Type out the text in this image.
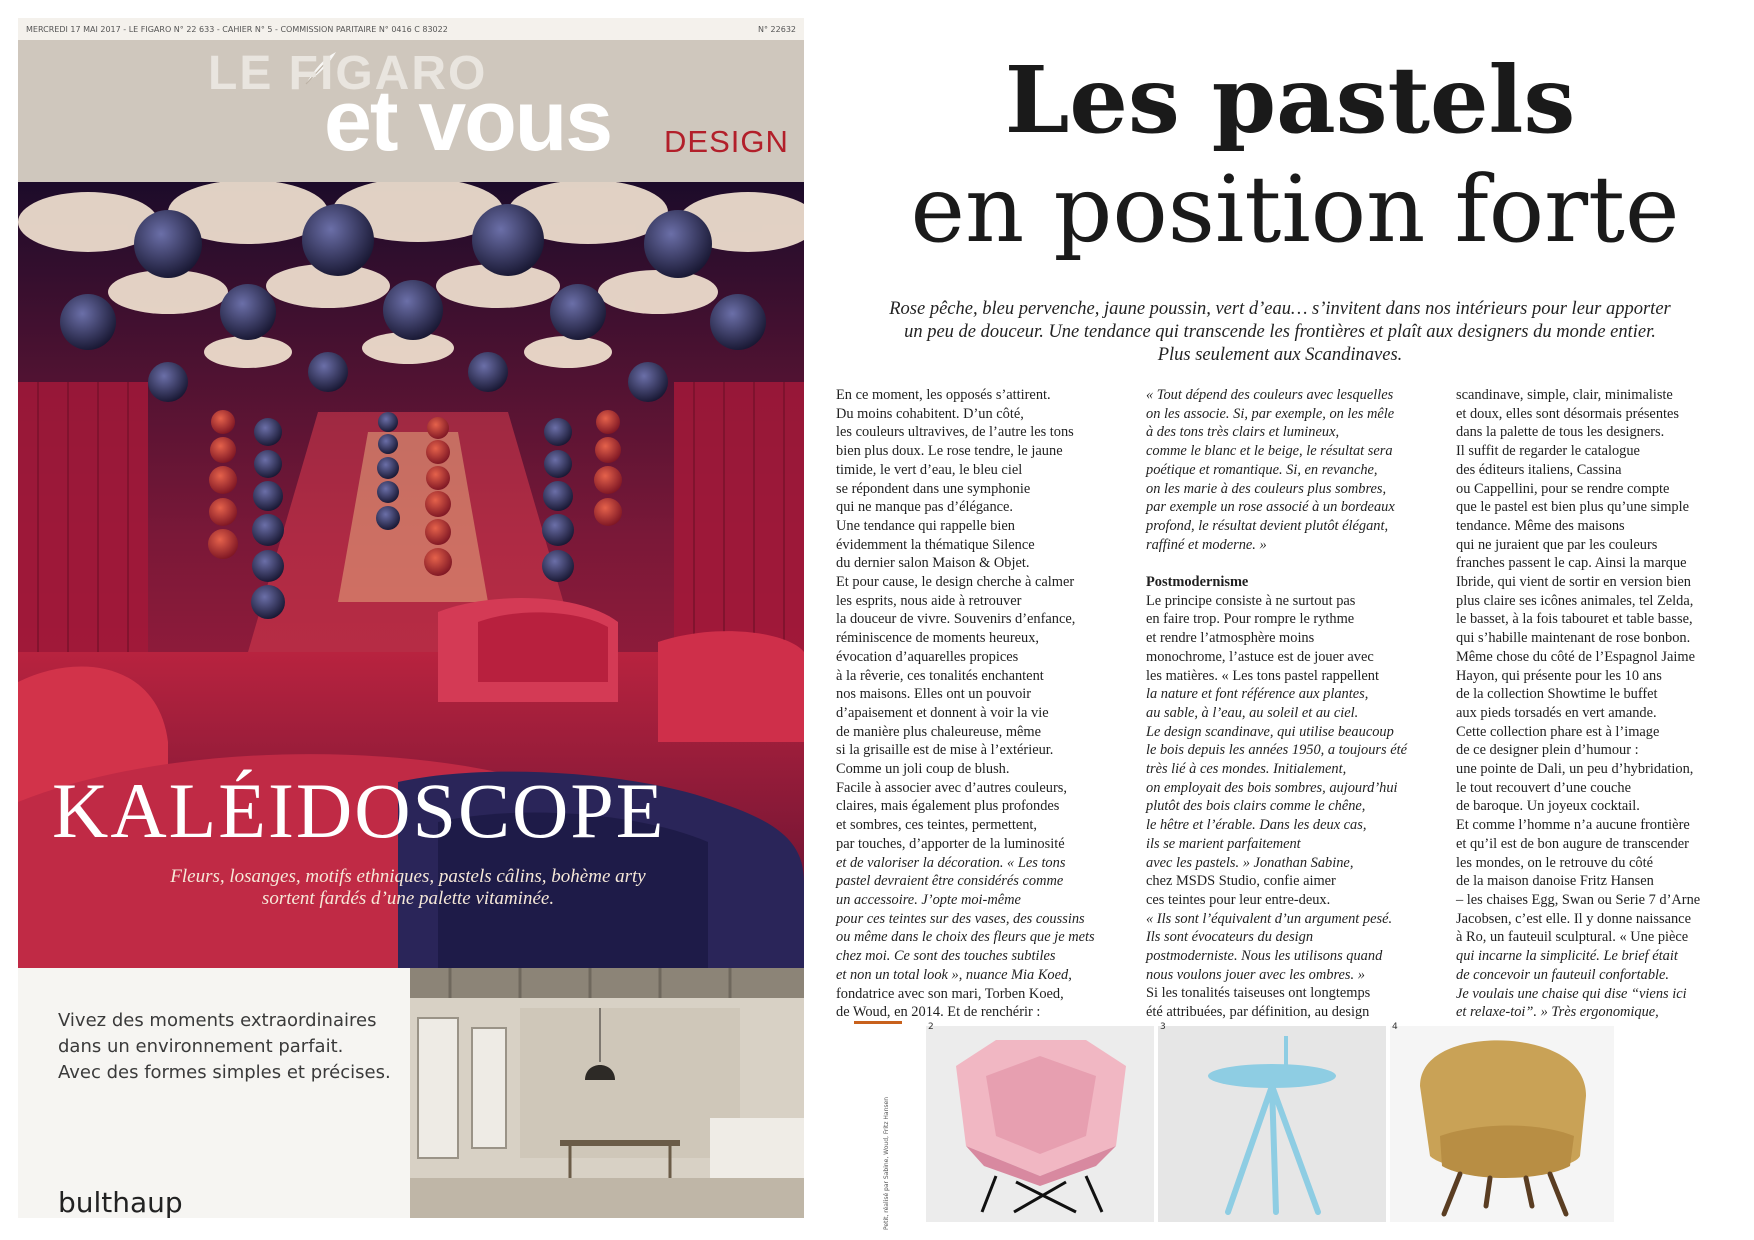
MERCREDI 17 MAI 2017 - LE FIGARO N° 22 633 - CAHIER N° 5 - COMMISSION PARITAIRE N° 0416 C 83022	N° 22632
LE FIGARO
et vous DESIGN
KALÉIDOSCOPE
Fleurs, losanges, motifs ethniques, pastels câlins, bohème arty
sortent fardés d’une palette vitaminée.
Vivez des moments extraordinaires
dans un environnement parfait.
Avec des formes simples et précises.
bulthaup
Les pastels
en position forte
Rose pêche, bleu pervenche, jaune poussin, vert d’eau… s’invitent dans nos intérieurs pour leur apporter
un peu de douceur. Une tendance qui transcende les frontières et plaît aux designers du monde entier.
Plus seulement aux Scandinaves.
En ce moment, les opposés s’attirent.
Du moins cohabitent. D’un côté,
les couleurs ultravives, de l’autre les tons
bien plus doux. Le rose tendre, le jaune
timide, le vert d’eau, le bleu ciel
se répondent dans une symphonie
qui ne manque pas d’élégance.
Une tendance qui rappelle bien
évidemment la thématique Silence
du dernier salon Maison & Objet.
Et pour cause, le design cherche à calmer
les esprits, nous aide à retrouver
la douceur de vivre. Souvenirs d’enfance,
réminiscence de moments heureux,
évocation d’aquarelles propices
à la rêverie, ces tonalités enchantent
nos maisons. Elles ont un pouvoir
d’apaisement et donnent à voir la vie
de manière plus chaleureuse, même
si la grisaille est de mise à l’extérieur.
Comme un joli coup de blush.
Facile à associer avec d’autres couleurs,
claires, mais également plus profondes
et sombres, ces teintes, permettent,
par touches, d’apporter de la luminosité
et de valoriser la décoration. « Les tons
pastel devraient être considérés comme
un accessoire. J’opte moi-même
pour ces teintes sur des vases, des coussins
ou même dans le choix des fleurs que je mets
chez moi. Ce sont des touches subtiles
et non un total look », nuance Mia Koed,
fondatrice avec son mari, Torben Koed,
de Woud, en 2014. Et de renchérir :
« Tout dépend des couleurs avec lesquelles
on les associe. Si, par exemple, on les mêle
à des tons très clairs et lumineux,
comme le blanc et le beige, le résultat sera
poétique et romantique. Si, en revanche,
on les marie à des couleurs plus sombres,
par exemple un rose associé à un bordeaux
profond, le résultat devient plutôt élégant,
raffiné et moderne. »
Postmodernisme
Le principe consiste à ne surtout pas
en faire trop. Pour rompre le rythme
et rendre l’atmosphère moins
monochrome, l’astuce est de jouer avec
les matières. « Les tons pastel rappellent
la nature et font référence aux plantes,
au sable, à l’eau, au soleil et au ciel.
Le design scandinave, qui utilise beaucoup
le bois depuis les années 1950, a toujours été
très lié à ces mondes. Initialement,
on employait des bois sombres, aujourd’hui
plutôt des bois clairs comme le chêne,
le hêtre et l’érable. Dans les deux cas,
ils se marient parfaitement
avec les pastels. » Jonathan Sabine,
chez MSDS Studio, confie aimer
ces teintes pour leur entre-deux.
« Ils sont l’équivalent d’un argument pesé.
Ils sont évocateurs du design
postmoderniste. Nous les utilisons quand
nous voulons jouer avec les ombres. »
Si les tonalités taiseuses ont longtemps
été attribuées, par définition, au design
scandinave, simple, clair, minimaliste
et doux, elles sont désormais présentes
dans la palette de tous les designers.
Il suffit de regarder le catalogue
des éditeurs italiens, Cassina
ou Cappellini, pour se rendre compte
que le pastel est bien plus qu’une simple
tendance. Même des maisons
qui ne juraient que par les couleurs
franches passent le cap. Ainsi la marque
Ibride, qui vient de sortir en version bien
plus claire ses icônes animales, tel Zelda,
le basset, à la fois tabouret et table basse,
qui s’habille maintenant de rose bonbon.
Même chose du côté de l’Espagnol Jaime
Hayon, qui présente pour les 10 ans
de la collection Showtime le buffet
aux pieds torsadés en vert amande.
Cette collection phare est à l’image
de ce designer plein d’humour :
une pointe de Dali, un peu d’hybridation,
le tout recouvert d’une couche
de baroque. Un joyeux cocktail.
Et comme l’homme n’a aucune frontière
et qu’il est de bon augure de transcender
les mondes, on le retrouve du côté
de la maison danoise Fritz Hansen
– les chaises Egg, Swan ou Serie 7 d’Arne
Jacobsen, c’est elle. Il y donne naissance
à Ro, un fauteuil sculptural. « Une pièce
qui incarne la simplicité. Le brief était
de concevoir un fauteuil confortable.
Je voulais une chaise qui dise “viens ici
et relaxe-toi”. » Très ergonomique,
2	3	4
Petit, réalisé par Sabine, Woud, Fritz Hansen
